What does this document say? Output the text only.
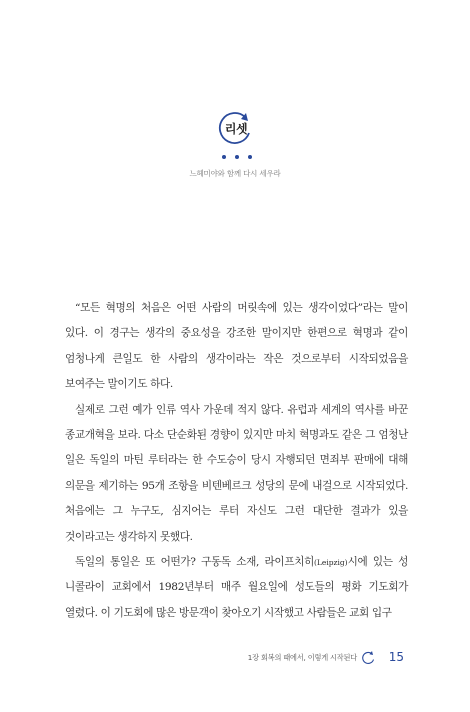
리셋
느헤미야와 함께 다시 세우라

“모든 혁명의 처음은 어떤 사람의 머릿속에 있는 생각이었다”라는 말이 있다. 이 경구는 생각의 중요성을 강조한 말이지만 한편으로 혁명과 같이 엄청나게 큰일도 한 사람의 생각이라는 작은 것으로부터 시작되었음을 보여주는 말이기도 하다.

실제로 그런 예가 인류 역사 가운데 적지 않다. 유럽과 세계의 역사를 바꾼 종교개혁을 보라. 다소 단순화된 경향이 있지만 마치 혁명과도 같은 그 엄청난 일은 독일의 마틴 루터라는 한 수도승이 당시 자행되던 면죄부 판매에 대해 의문을 제기하는 95개 조항을 비텐베르크 성당의 문에 내걸으로 시작되었다. 처음에는 그 누구도, 심지어는 루터 자신도 그런 대단한 결과가 있을 것이라고는 생각하지 못했다.

독일의 통일은 또 어떤가? 구동독 소재, 라이프치히(Leipzig)시에 있는 성 니콜라이 교회에서 1982년부터 매주 월요일에 성도들의 평화 기도회가 열렸다. 이 기도회에 많은 방문객이 찾아오기 시작했고 사람들은 교회 입구

1장 회복의 때에서, 이렇게 시작된다	15
